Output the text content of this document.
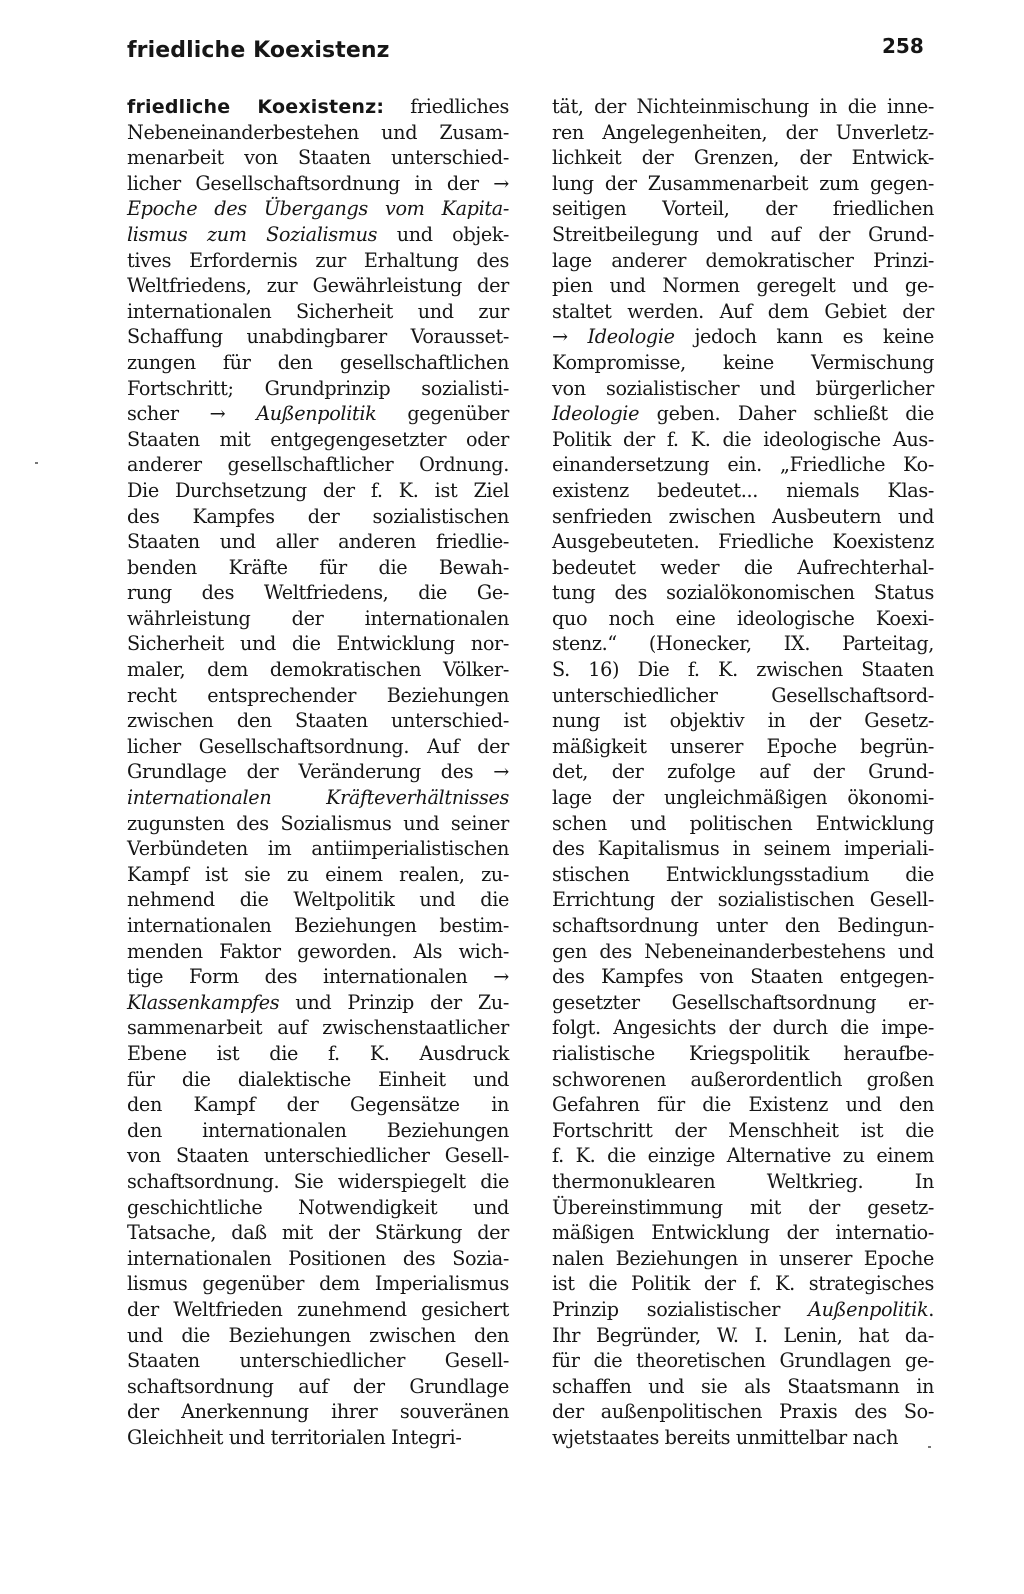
friedliche Koexistenz	258
friedliche Koexistenz: friedliches
Nebeneinanderbestehen und Zusam-
menarbeit von Staaten unterschied-
licher Gesellschaftsordnung in der →
Epoche des Übergangs vom Kapita-
lismus zum Sozialismus und objek-
tives Erfordernis zur Erhaltung des
Weltfriedens, zur Gewährleistung der
internationalen Sicherheit und zur
Schaffung unabdingbarer Vorausset-
zungen für den gesellschaftlichen
Fortschritt; Grundprinzip sozialisti-
scher → Außenpolitik gegenüber
Staaten mit entgegengesetzter oder
anderer gesellschaftlicher Ordnung.
Die Durchsetzung der f. K. ist Ziel
des Kampfes der sozialistischen
Staaten und aller anderen friedlie-
benden Kräfte für die Bewah-
rung des Weltfriedens, die Ge-
währleistung der internationalen
Sicherheit und die Entwicklung nor-
maler, dem demokratischen Völker-
recht entsprechender Beziehungen
zwischen den Staaten unterschied-
licher Gesellschaftsordnung. Auf der
Grundlage der Veränderung des →
internationalen Kräfteverhältnisses
zugunsten des Sozialismus und seiner
Verbündeten im antiimperialistischen
Kampf ist sie zu einem realen, zu-
nehmend die Weltpolitik und die
internationalen Beziehungen bestim-
menden Faktor geworden. Als wich-
tige Form des internationalen →
Klassenkampfes und Prinzip der Zu-
sammenarbeit auf zwischenstaatlicher
Ebene ist die f. K. Ausdruck
für die dialektische Einheit und
den Kampf der Gegensätze in
den internationalen Beziehungen
von Staaten unterschiedlicher Gesell-
schaftsordnung. Sie widerspiegelt die
geschichtliche Notwendigkeit und
Tatsache, daß mit der Stärkung der
internationalen Positionen des Sozia-
lismus gegenüber dem Imperialismus
der Weltfrieden zunehmend gesichert
und die Beziehungen zwischen den
Staaten unterschiedlicher Gesell-
schaftsordnung auf der Grundlage
der Anerkennung ihrer souveränen
Gleichheit und territorialen Integri-
tät, der Nichteinmischung in die inne-
ren Angelegenheiten, der Unverletz-
lichkeit der Grenzen, der Entwick-
lung der Zusammenarbeit zum gegen-
seitigen Vorteil, der friedlichen
Streitbeilegung und auf der Grund-
lage anderer demokratischer Prinzi-
pien und Normen geregelt und ge-
staltet werden. Auf dem Gebiet der
→ Ideologie jedoch kann es keine
Kompromisse, keine Vermischung
von sozialistischer und bürgerlicher
Ideologie geben. Daher schließt die
Politik der f. K. die ideologische Aus-
einandersetzung ein. „Friedliche Ko-
existenz bedeutet... niemals Klas-
senfrieden zwischen Ausbeutern und
Ausgebeuteten. Friedliche Koexistenz
bedeutet weder die Aufrechterhal-
tung des sozialökonomischen Status
quo noch eine ideologische Koexi-
stenz.“ (Honecker, IX. Parteitag,
S. 16) Die f. K. zwischen Staaten
unterschiedlicher Gesellschaftsord-
nung ist objektiv in der Gesetz-
mäßigkeit unserer Epoche begrün-
det, der zufolge auf der Grund-
lage der ungleichmäßigen ökonomi-
schen und politischen Entwicklung
des Kapitalismus in seinem imperiali-
stischen Entwicklungsstadium die
Errichtung der sozialistischen Gesell-
schaftsordnung unter den Bedingun-
gen des Nebeneinanderbestehens und
des Kampfes von Staaten entgegen-
gesetzter Gesellschaftsordnung er-
folgt. Angesichts der durch die impe-
rialistische Kriegspolitik heraufbe-
schworenen außerordentlich großen
Gefahren für die Existenz und den
Fortschritt der Menschheit ist die
f. K. die einzige Alternative zu einem
thermonuklearen Weltkrieg. In
Übereinstimmung mit der gesetz-
mäßigen Entwicklung der internatio-
nalen Beziehungen in unserer Epoche
ist die Politik der f. K. strategisches
Prinzip sozialistischer Außenpolitik.
Ihr Begründer, W. I. Lenin, hat da-
für die theoretischen Grundlagen ge-
schaffen und sie als Staatsmann in
der außenpolitischen Praxis des So-
wjetstaates bereits unmittelbar nach
